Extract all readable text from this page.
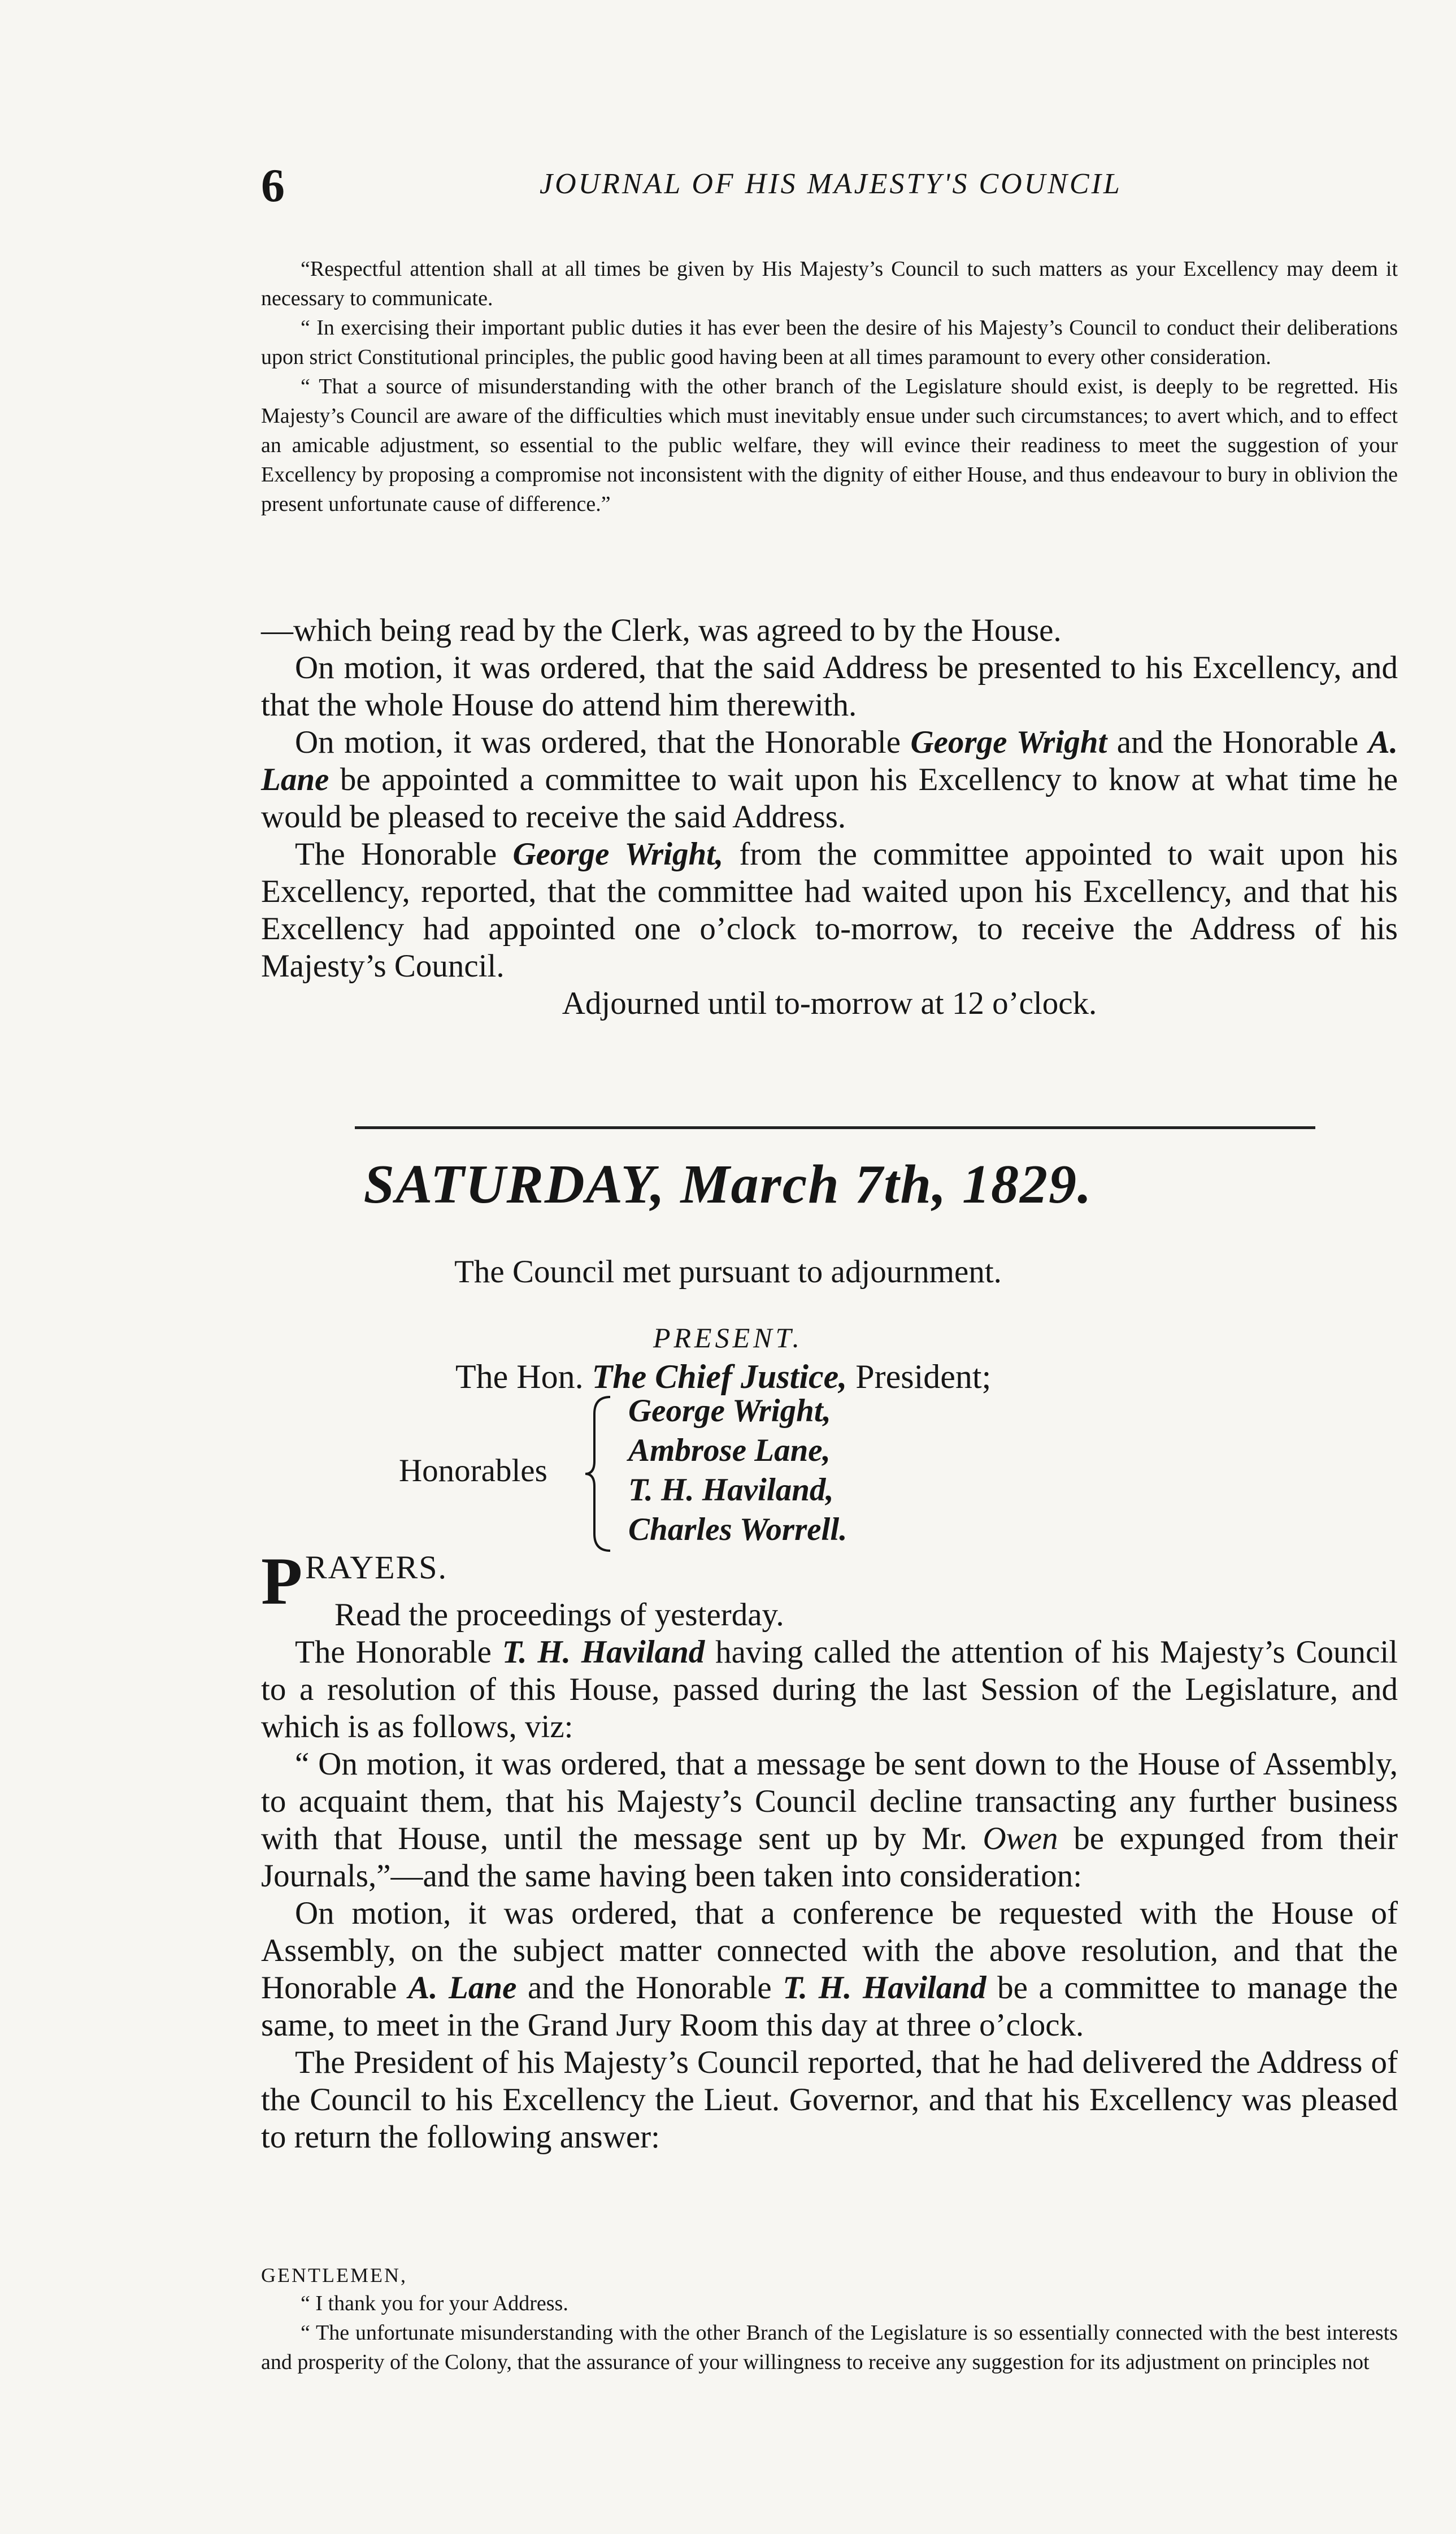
6	JOURNAL OF HIS MAJESTY'S COUNCIL

“Respectful attention shall at all times be given by His Majesty’s Council to such matters as your Excellency may deem it necessary to communicate.

“ In exercising their important public duties it has ever been the desire of his Majesty’s Council to conduct their deliberations upon strict Constitutional principles, the public good having been at all times paramount to every other consideration.

“ That a source of misunderstanding with the other branch of the Legislature should exist, is deeply to be regretted. His Majesty’s Council are aware of the difficulties which must inevitably ensue under such circumstances; to avert which, and to effect an amicable adjustment, so essential to the public welfare, they will evince their readiness to meet the suggestion of your Excellency by proposing a compromise not inconsistent with the dignity of either House, and thus endeavour to bury in oblivion the present unfortunate cause of difference.”

—which being read by the Clerk, was agreed to by the House.

On motion, it was ordered, that the said Address be presented to his Excellency, and that the whole House do attend him therewith.

On motion, it was ordered, that the Honorable George Wright and the Honorable A. Lane be appointed a committee to wait upon his Excellency to know at what time he would be pleased to receive the said Address.

The Honorable George Wright, from the committee appointed to wait upon his Excellency, reported, that the committee had waited upon his Excellency, and that his Excellency had appointed one o’clock to-morrow, to receive the Address of his Majesty’s Council.

Adjourned until to-morrow at 12 o’clock.

SATURDAY, March 7th, 1829.
The Council met pursuant to adjournment.
PRESENT.
The Hon. The Chief Justice, President;
Honorables
George Wright,
Ambrose Lane,
T. H. Haviland,
Charles Worrell.
P RAYERS.

Read the proceedings of yesterday.

The Honorable T. H. Haviland having called the attention of his Majesty’s Council to a resolution of this House, passed during the last Session of the Legislature, and which is as follows, viz:

“ On motion, it was ordered, that a message be sent down to the House of Assembly, to acquaint them, that his Majesty’s Council decline transacting any further business with that House, until the message sent up by Mr. Owen be expunged from their Journals,”—and the same having been taken into consideration:

On motion, it was ordered, that a conference be requested with the House of Assembly, on the subject matter connected with the above resolution, and that the Honorable A. Lane and the Honorable T. H. Haviland be a committee to manage the same, to meet in the Grand Jury Room this day at three o’clock.

The President of his Majesty’s Council reported, that he had delivered the Address of the Council to his Excellency the Lieut. Governor, and that his Excellency was pleased to return the following answer:

GENTLEMEN,

“ I thank you for your Address.

“ The unfortunate misunderstanding with the other Branch of the Legislature is so essentially connected with the best interests and prosperity of the Colony, that the assurance of your willingness to receive any suggestion for its adjustment on principles not
